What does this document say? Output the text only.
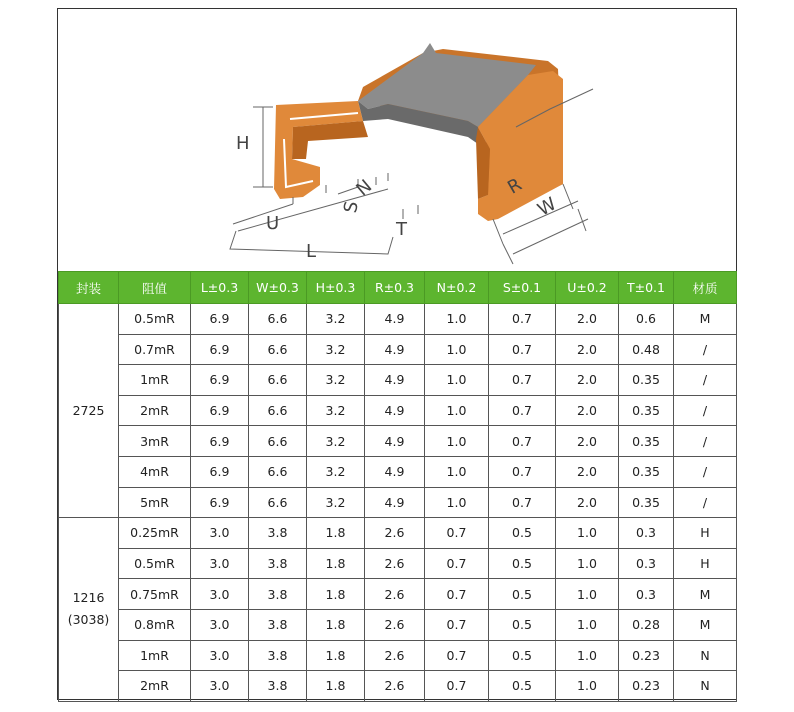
H
U
S
N
L
T
R
W
封装	阻值	L±0.3	W±0.3	H±0.3	R±0.3	N±0.2	S±0.1	U±0.2	T±0.1	材质

2725	0.5mR	6.9	6.6	3.2	4.9	1.0	0.7	2.0	0.6	M
	0.7mR	6.9	6.6	3.2	4.9	1.0	0.7	2.0	0.48	/
	1mR	6.9	6.6	3.2	4.9	1.0	0.7	2.0	0.35	/
	2mR	6.9	6.6	3.2	4.9	1.0	0.7	2.0	0.35	/
	3mR	6.9	6.6	3.2	4.9	1.0	0.7	2.0	0.35	/
	4mR	6.9	6.6	3.2	4.9	1.0	0.7	2.0	0.35	/
	5mR	6.9	6.6	3.2	4.9	1.0	0.7	2.0	0.35	/

1216
(3038)	0.25mR	3.0	3.8	1.8	2.6	0.7	0.5	1.0	0.3	H
	0.5mR	3.0	3.8	1.8	2.6	0.7	0.5	1.0	0.3	H
	0.75mR	3.0	3.8	1.8	2.6	0.7	0.5	1.0	0.3	M
	0.8mR	3.0	3.8	1.8	2.6	0.7	0.5	1.0	0.28	M
	1mR	3.0	3.8	1.8	2.6	0.7	0.5	1.0	0.23	N
	2mR	3.0	3.8	1.8	2.6	0.7	0.5	1.0	0.23	N
